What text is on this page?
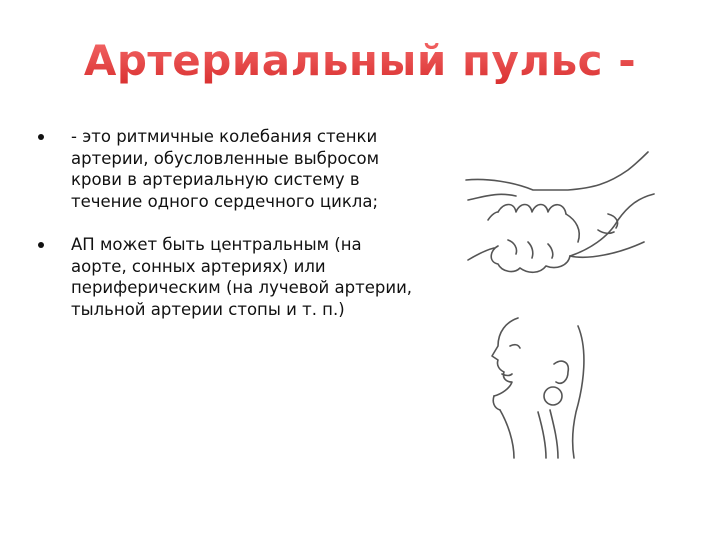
Артериальный пульс -
- это ритмичные колебания стенки артерии, обусловленные выбросом крови в артериальную систему в течение одного сердечного цикла;
АП может быть центральным (на аорте, сонных артериях) или периферическим (на лучевой артерии, тыльной артерии стопы и т. п.)
